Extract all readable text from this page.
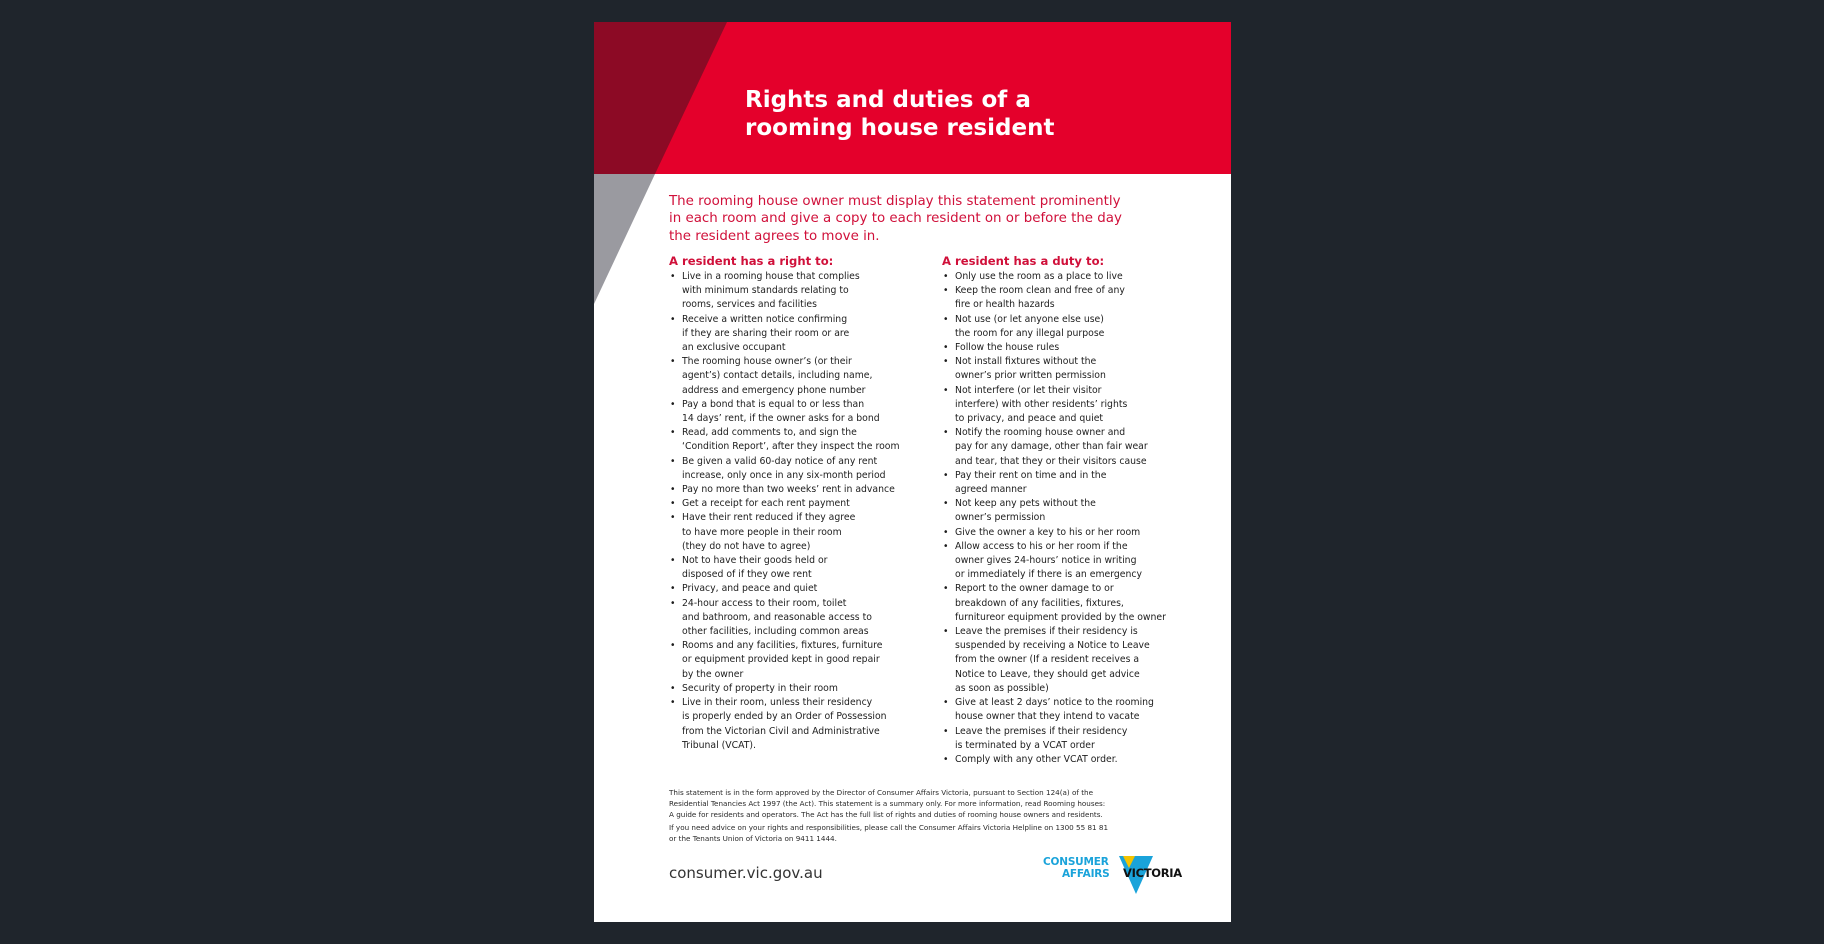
Rights and duties of a
rooming house resident
The rooming house owner must display this statement prominently
in each room and give a copy to each resident on or before the day
the resident agrees to move in.
A resident has a right to:
• Live in a rooming house that complies
with minimum standards relating to
rooms, services and facilities
• Receive a written notice confirming
if they are sharing their room or are
an exclusive occupant
• The rooming house owner’s (or their
agent’s) contact details, including name,
address and emergency phone number
• Pay a bond that is equal to or less than
14 days’ rent, if the owner asks for a bond
• Read, add comments to, and sign the
‘Condition Report’, after they inspect the room
• Be given a valid 60-day notice of any rent
increase, only once in any six-month period
• Pay no more than two weeks’ rent in advance
• Get a receipt for each rent payment
• Have their rent reduced if they agree
to have more people in their room
(they do not have to agree)
• Not to have their goods held or
disposed of if they owe rent
• Privacy, and peace and quiet
• 24-hour access to their room, toilet
and bathroom, and reasonable access to
other facilities, including common areas
• Rooms and any facilities, fixtures, furniture
or equipment provided kept in good repair
by the owner
• Security of property in their room
• Live in their room, unless their residency
is properly ended by an Order of Possession
from the Victorian Civil and Administrative
Tribunal (VCAT).
A resident has a duty to:
• Only use the room as a place to live
• Keep the room clean and free of any
fire or health hazards
• Not use (or let anyone else use)
the room for any illegal purpose
• Follow the house rules
• Not install fixtures without the
owner’s prior written permission
• Not interfere (or let their visitor
interfere) with other residents’ rights
to privacy, and peace and quiet
• Notify the rooming house owner and
pay for any damage, other than fair wear
and tear, that they or their visitors cause
• Pay their rent on time and in the
agreed manner
• Not keep any pets without the
owner’s permission
• Give the owner a key to his or her room
• Allow access to his or her room if the
owner gives 24-hours’ notice in writing
or immediately if there is an emergency
• Report to the owner damage to or
breakdown of any facilities, fixtures,
furnitureor equipment provided by the owner
• Leave the premises if their residency is
suspended by receiving a Notice to Leave
from the owner (If a resident receives a
Notice to Leave, they should get advice
as soon as possible)
• Give at least 2 days’ notice to the rooming
house owner that they intend to vacate
• Leave the premises if their residency
is terminated by a VCAT order
• Comply with any other VCAT order.
This statement is in the form approved by the Director of Consumer Affairs Victoria, pursuant to Section 124(a) of the
Residential Tenancies Act 1997 (the Act). This statement is a summary only. For more information, read Rooming houses:
A guide for residents and operators. The Act has the full list of rights and duties of rooming house owners and residents.
If you need advice on your rights and responsibilities, please call the Consumer Affairs Victoria Helpline on 1300 55 81 81
or the Tenants Union of Victoria on 9411 1444.
consumer.vic.gov.au
CONSUMER
AFFAIRS VICTORIA
